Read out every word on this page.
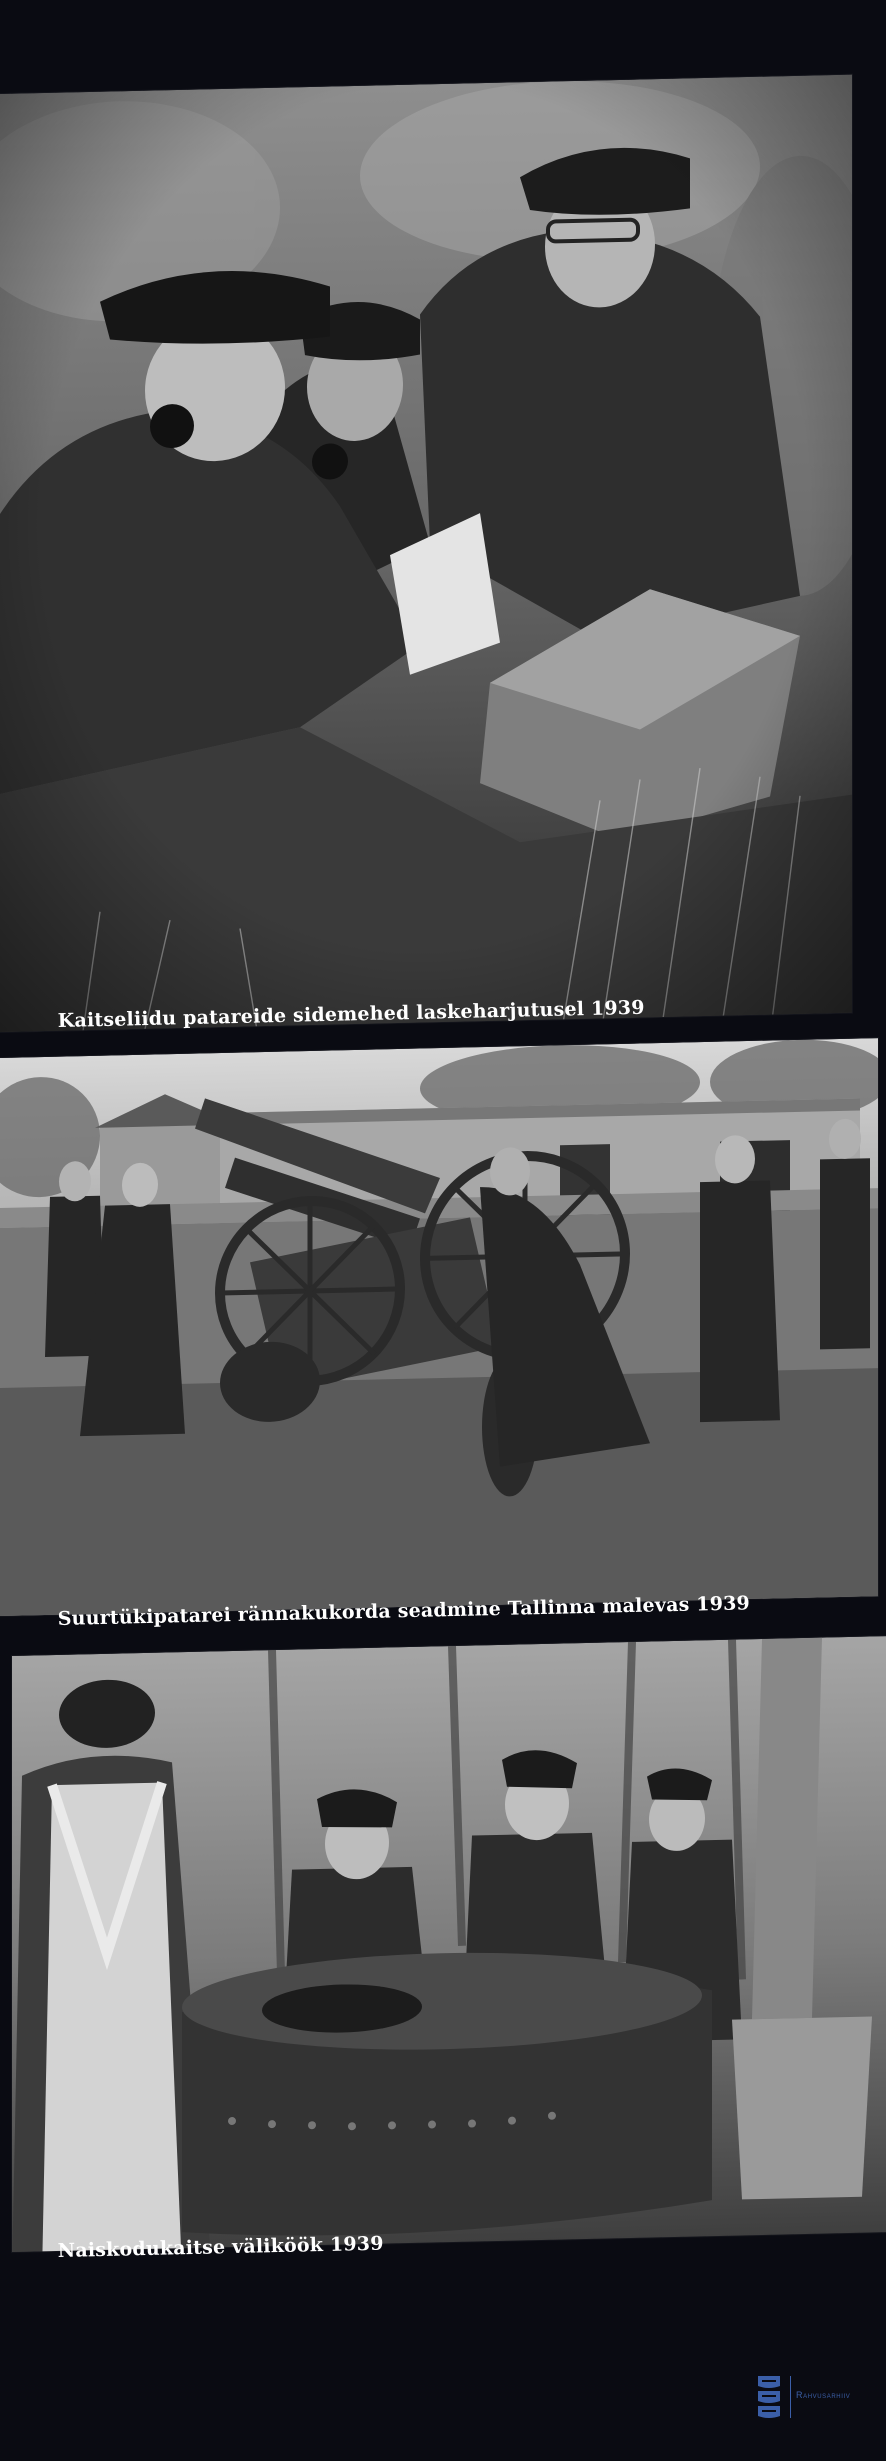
Kaitseliidu patareide sidemehed laskeharjutusel 1939
Suurtükipatarei rännakukorda seadmine Tallinna malevas 1939
Naiskodukaitse väliköök 1939
Rahvusarhiiv
